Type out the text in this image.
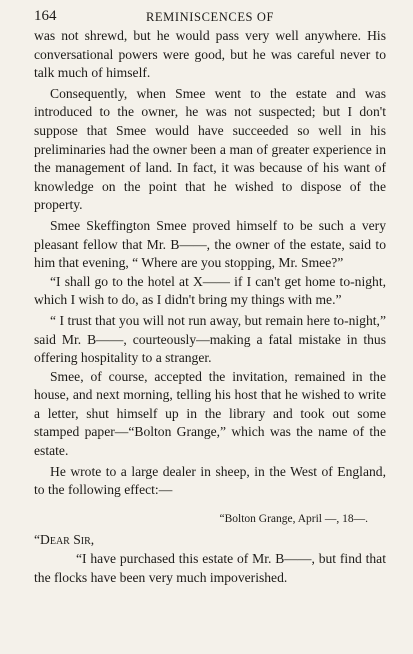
164	REMINISCENCES OF

was not shrewd, but he would pass very well anywhere. His conversational powers were good, but he was careful never to talk much of himself.

Consequently, when Smee went to the estate and was introduced to the owner, he was not suspected; but I don't suppose that Smee would have succeeded so well in his preliminaries had the owner been a man of greater experience in the management of land. In fact, it was because of his want of knowledge on the point that he wished to dispose of the property.

Smee Skeffington Smee proved himself to be such a very pleasant fellow that Mr. B——, the owner of the estate, said to him that evening, “ Where are you stopping, Mr. Smee?”

“I shall go to the hotel at X—— if I can't get home to-night, which I wish to do, as I didn't bring my things with me.”

“ I trust that you will not run away, but remain here to-night,” said Mr. B——, courteously—making a fatal mistake in thus offering hospitality to a stranger.

Smee, of course, accepted the invitation, remained in the house, and next morning, telling his host that he wished to write a letter, shut himself up in the library and took out some stamped paper—“Bolton Grange,” which was the name of the estate.

He wrote to a large dealer in sheep, in the West of England, to the following effect:—

“Bolton Grange, April —, 18—.

“Dear Sir,

“I have purchased this estate of Mr. B——, but find that the flocks have been very much impoverished.
